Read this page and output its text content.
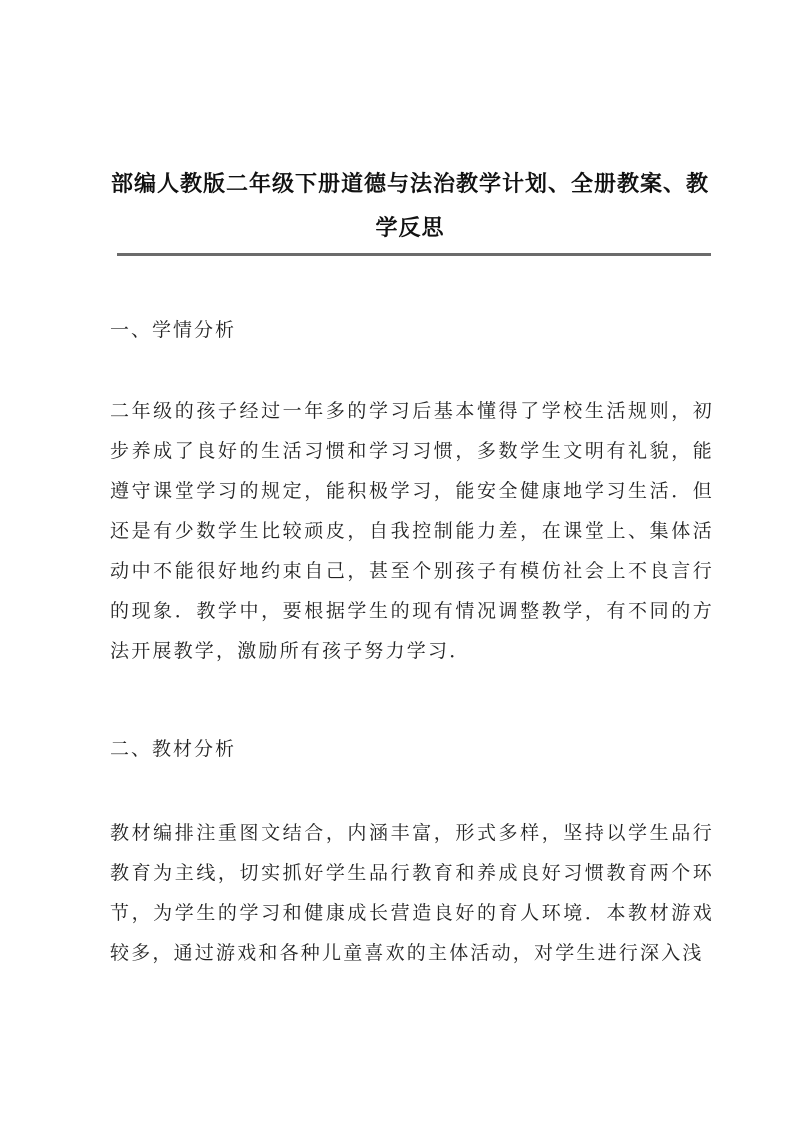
部编人教版二年级下册道德与法治教学计划、全册教案、教学反思
一、学情分析

二年级的孩子经过一年多的学习后基本懂得了学校生活规则，初步养成了良好的生活习惯和学习习惯，多数学生文明有礼貌，能遵守课堂学习的规定，能积极学习，能安全健康地学习生活．但还是有少数学生比较顽皮，自我控制能力差，在课堂上、集体活动中不能很好地约束自己，甚至个别孩子有模仿社会上不良言行的现象．教学中，要根据学生的现有情况调整教学，有不同的方法开展教学，激励所有孩子努力学习．

二、教材分析

教材编排注重图文结合，内涵丰富，形式多样，坚持以学生品行教育为主线，切实抓好学生品行教育和养成良好习惯教育两个环节，为学生的学习和健康成长营造良好的育人环境．本教材游戏较多，通过游戏和各种儿童喜欢的主体活动，对学生进行深入浅
